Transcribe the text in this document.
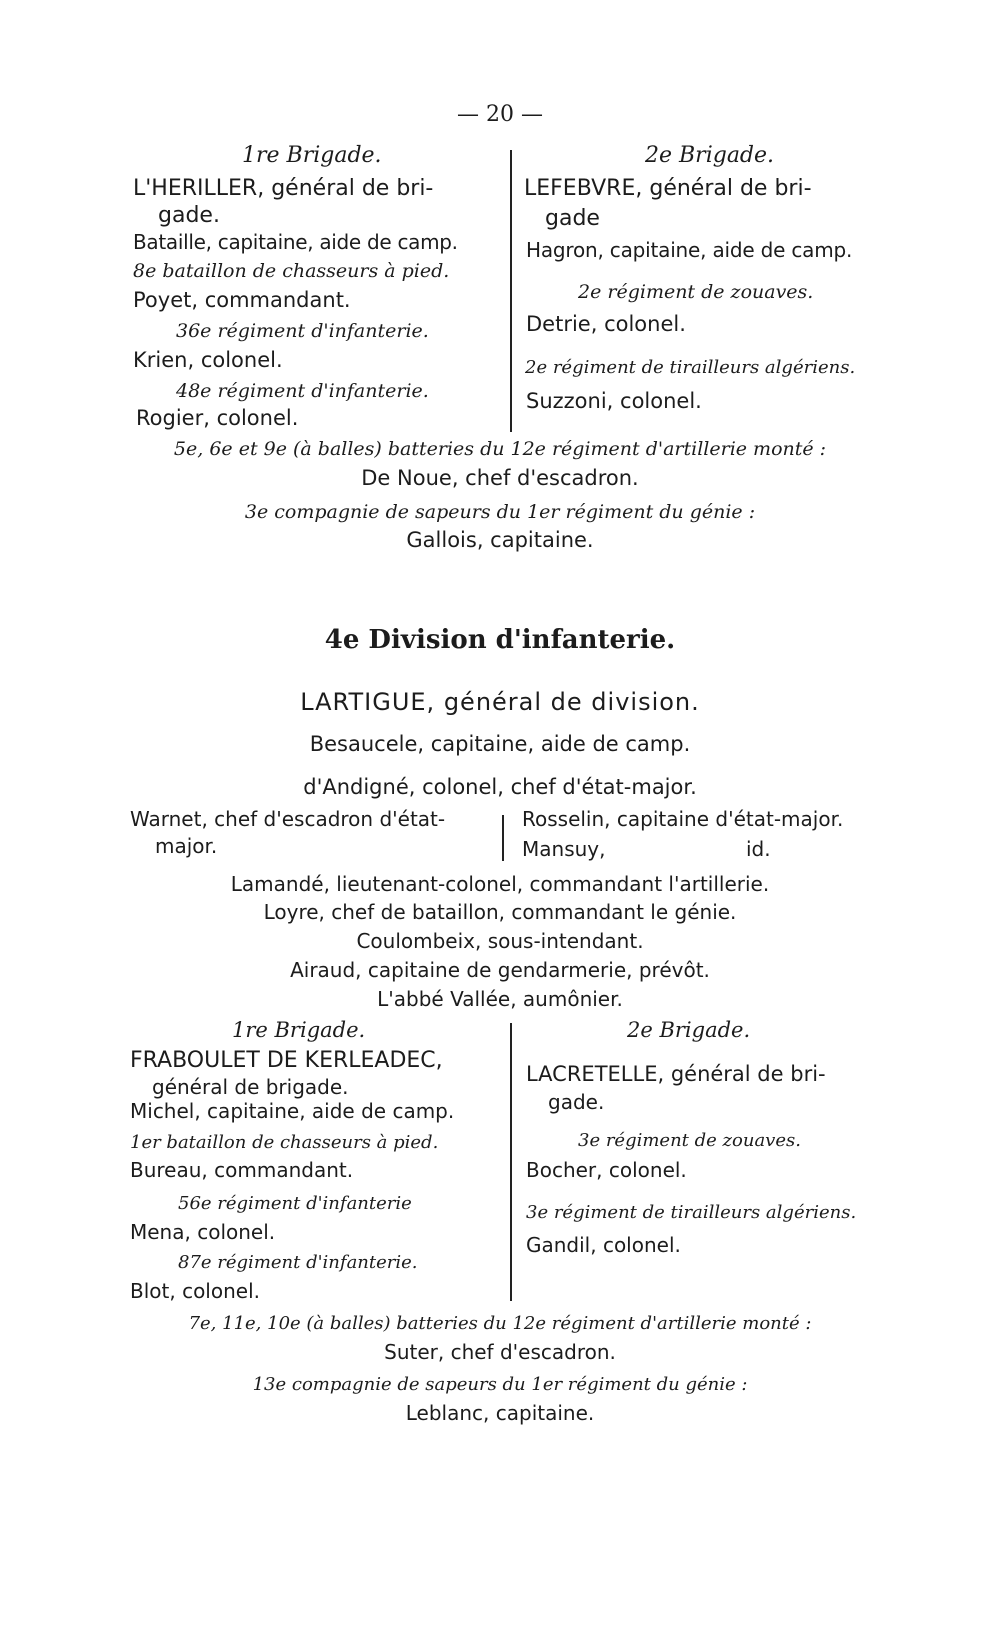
— 20 —
1re Brigade.
L'HERILLER, général de bri-
gade.
Bataille, capitaine, aide de camp.
8e bataillon de chasseurs à pied.
Poyet, commandant.
36e régiment d'infanterie.
Krien, colonel.
48e régiment d'infanterie.
Rogier, colonel.
2e Brigade.
LEFEBVRE, général de bri-
gade
Hagron, capitaine, aide de camp.
2e régiment de zouaves.
Detrie, colonel.
2e régiment de tirailleurs algériens.
Suzzoni, colonel.
5e, 6e et 9e (à balles) batteries du 12e régiment d'artillerie monté :
De Noue, chef d'escadron.
3e compagnie de sapeurs du 1er régiment du génie :
Gallois, capitaine.
4e Division d'infanterie.
LARTIGUE, général de division.
Besaucele, capitaine, aide de camp.
d'Andigné, colonel, chef d'état-major.
Warnet, chef d'escadron d'état-
major.
Rosselin, capitaine d'état-major.
Mansuy,	id.
Lamandé, lieutenant-colonel, commandant l'artillerie.
Loyre, chef de bataillon, commandant le génie.
Coulombeix, sous-intendant.
Airaud, capitaine de gendarmerie, prévôt.
L'abbé Vallée, aumônier.
1re Brigade.
FRABOULET DE KERLEADEC,
général de brigade.
Michel, capitaine, aide de camp.
1er bataillon de chasseurs à pied.
Bureau, commandant.
56e régiment d'infanterie
Mena, colonel.
87e régiment d'infanterie.
Blot, colonel.
2e Brigade.
LACRETELLE, général de bri-
gade.
3e régiment de zouaves.
Bocher, colonel.
3e régiment de tirailleurs algériens.
Gandil, colonel.
7e, 11e, 10e (à balles) batteries du 12e régiment d'artillerie monté :
Suter, chef d'escadron.
13e compagnie de sapeurs du 1er régiment du génie :
Leblanc, capitaine.
